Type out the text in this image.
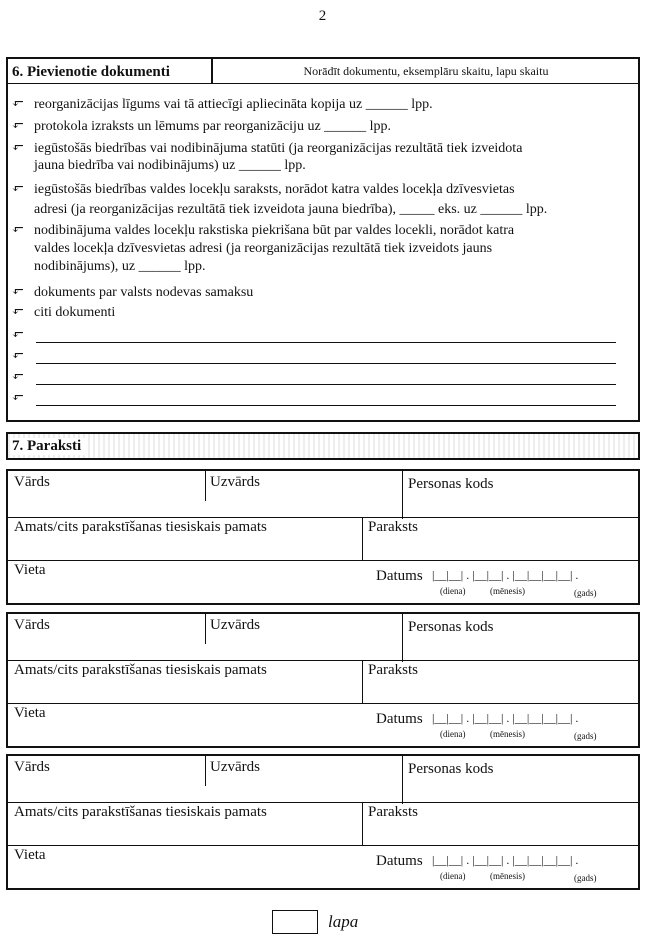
2
6. Pievienotie dokumenti	Norādīt dokumentu, eksemplāru skaitu, lapu skaitu
⬐ reorganizācijas līgums vai tā attiecīgi apliecināta kopija uz ______ lpp.
⬐ protokola izraksts un lēmums par reorganizāciju uz ______ lpp.
⬐ iegūstošās biedrības vai nodibinājuma statūti (ja reorganizācijas rezultātā tiek izveidota
jauna biedrība vai nodibinājums) uz ______ lpp.
⬐ iegūstošās biedrības valdes locekļu saraksts, norādot katra valdes locekļa dzīvesvietas
adresi (ja reorganizācijas rezultātā tiek izveidota jauna biedrība), _____ eks. uz ______ lpp.
⬐ nodibinājuma valdes locekļu rakstiska piekrišana būt par valdes locekli, norādot katra
valdes locekļa dzīvesvietas adresi (ja reorganizācijas rezultātā tiek izveidots jauns
nodibinājums), uz ______ lpp.
⬐ dokuments par valsts nodevas samaksu
⬐ citi dokumenti
⬐
⬐
⬐
⬐
7. Paraksti
Vārds	Uzvārds	Personas kods
Amats/cits parakstīšanas tiesiskais pamats	Paraksts
Vieta	Datums |__|__| . |__|__| . |__|__|__|__| .
(diena)	(mēnesis)	(gads)
Vārds	Uzvārds	Personas kods
Amats/cits parakstīšanas tiesiskais pamats	Paraksts
Vieta	Datums |__|__| . |__|__| . |__|__|__|__| .
(diena)	(mēnesis)	(gads)
Vārds	Uzvārds	Personas kods
Amats/cits parakstīšanas tiesiskais pamats	Paraksts
Vieta	Datums |__|__| . |__|__| . |__|__|__|__| .
(diena)	(mēnesis)	(gads)
lapa
